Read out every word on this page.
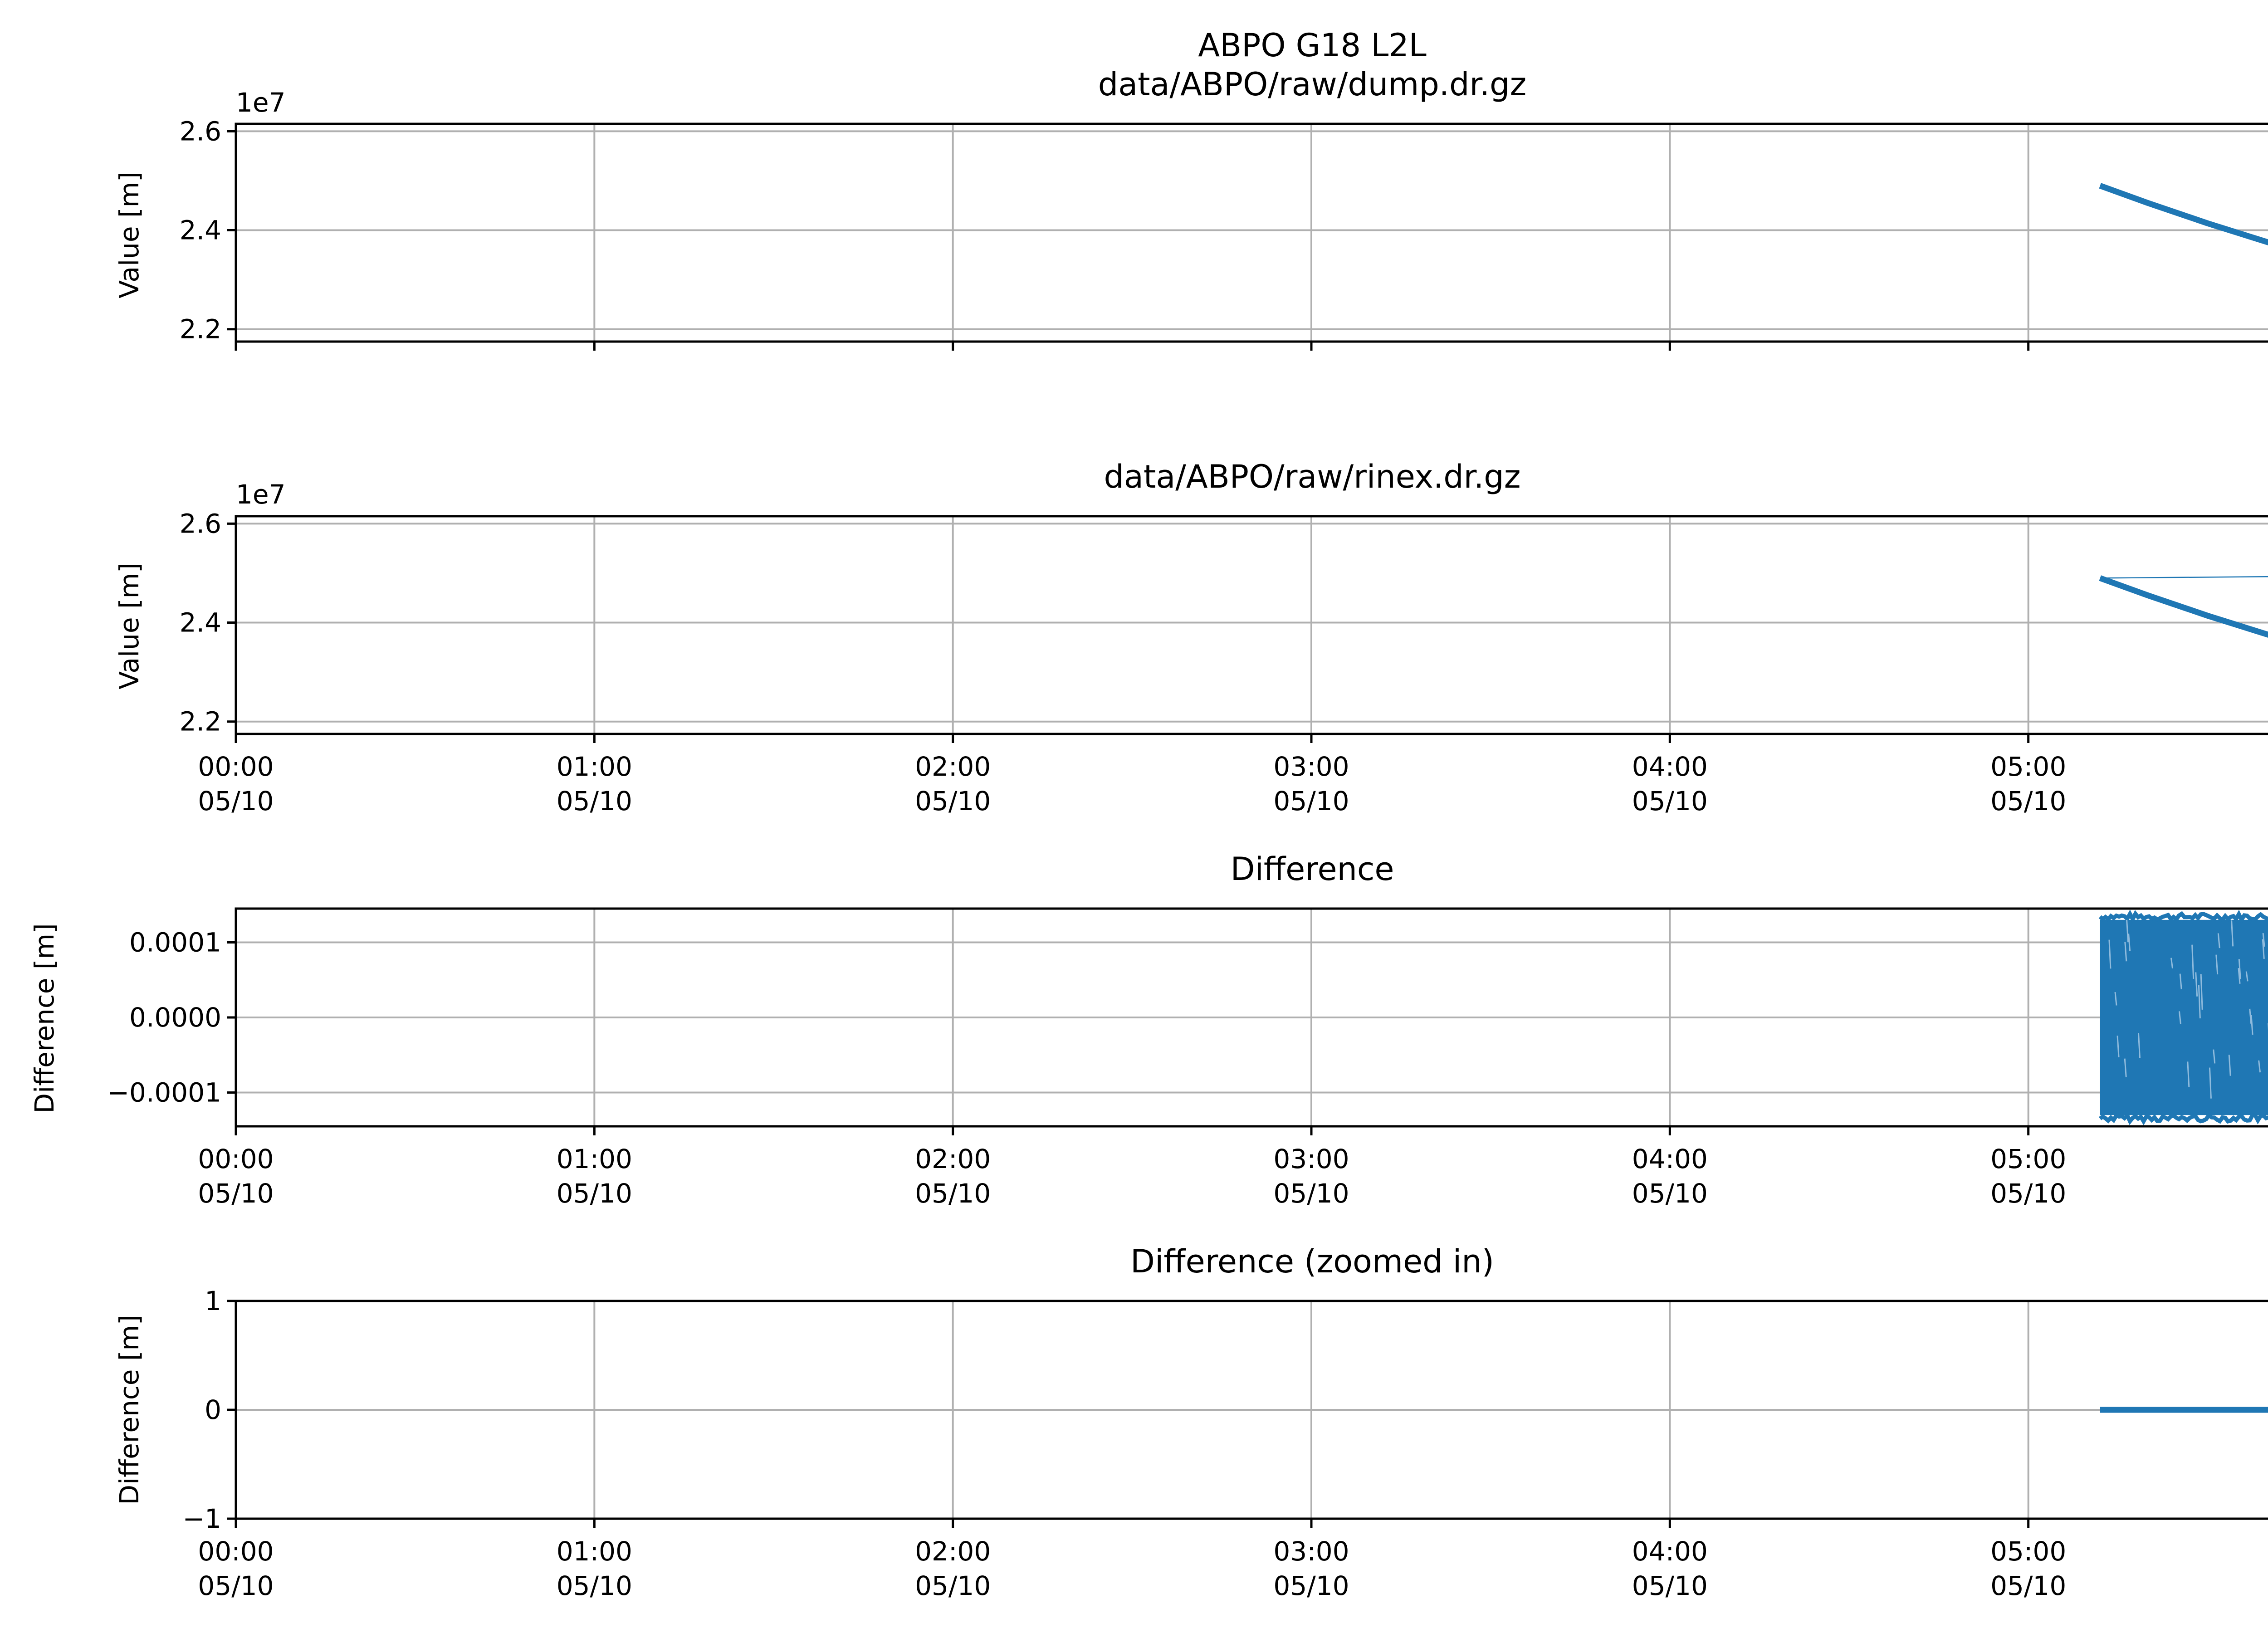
ABPO G18 L2L
data/ABPO/raw/dump.dr.gz
1e7
Value [m]
2.2
2.4
2.6
data/ABPO/raw/rinex.dr.gz
1e7
Value [m]
2.2
2.4
2.6
00:00
05/10
01:00
05/10
02:00
05/10
03:00
05/10
04:00
05/10
05:00
05/10
Difference
Difference [m] −0.0001
0.0000
0.0001
00:00
05/10
01:00
05/10
02:00
05/10
03:00
05/10
04:00
05/10
05:00
05/10
Difference (zoomed in)
Difference [m]
−1
0
1
00:00
05/10
01:00
05/10
02:00
05/10
03:00
05/10
04:00
05/10
05:00
05/10
